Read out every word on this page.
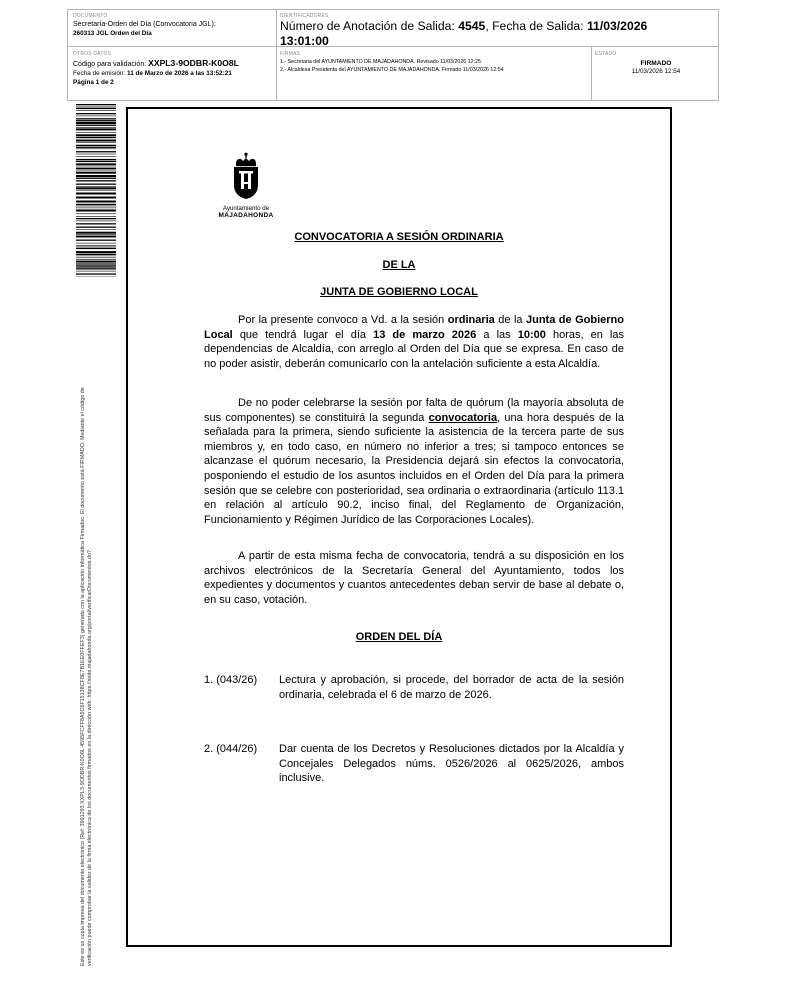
DOCUMENTO
Secretaría-Orden del Día (Convocatoria JGL):
260313 JGL Orden del Día
IDENTIFICADORES
Número de Anotación de Salida: 4545, Fecha de Salida: 11/03/2026
13:01:00
OTROS DATOS
Código para validación: XXPL3-9ODBR-K0O8L
Fecha de emisión: 11 de Marzo de 2026 a las 13:52:21
Página 1 de 2
FIRMAS
1.- Secretaria del AYUNTAMIENTO DE MAJADAHONDA. Revisado 11/03/2026 12:25
2.- Alcaldesa Presidenta del AYUNTAMIENTO DE MAJADAHONDA. Firmado 11/03/2026 12:54
ESTADO
FIRMADO
11/03/2026 12:54
Este es un copia impresa del documento electrónico (Ref: 3991293 XXPL3-9ODBR-K0O8L 4595FCFF8A5C6F15138CF8E7B1EE0FFEF3) generado con la aplicación informática Firmadoc. El documento está FIRMADO. Mediante el código de verificación puede comprobar la validez de la firma electrónica de los documentos firmados en la dirección web: https://sede.majadahonda.org/portal/verificarDocumentos.do?
Ayuntamiento de
MAJADAHONDA
CONVOCATORIA A SESIÓN ORDINARIA
DE LA
JUNTA DE GOBIERNO LOCAL
Por la presente convoco a Vd. a la sesión ordinaria de la Junta de Gobierno Local que tendrá lugar el día 13 de marzo 2026 a las 10:00 horas, en las dependencias de Alcaldía, con arreglo al Orden del Día que se expresa. En caso de no poder asistir, deberán comunicarlo con la antelación suficiente a esta Alcaldía.
De no poder celebrarse la sesión por falta de quórum (la mayoría absoluta de sus componentes) se constituirá la segunda convocatoria, una hora después de la señalada para la primera, siendo suficiente la asistencia de la tercera parte de sus miembros y, en todo caso, en número no inferior a tres; si tampoco entonces se alcanzase el quórum necesario, la Presidencia dejará sin efectos la convocatoria, posponiendo el estudio de los asuntos incluidos en el Orden del Día para la primera sesión que se celebre con posterioridad, sea ordinaria o extraordinaria (artículo 113.1 en relación al artículo 90.2, inciso final, del Reglamento de Organización, Funcionamiento y Régimen Jurídico de las Corporaciones Locales).
A partir de esta misma fecha de convocatoria, tendrá a su disposición en los archivos electrónicos de la Secretaría General del Ayuntamiento, todos los expedientes y documentos y cuantos antecedentes deban servir de base al debate o, en su caso, votación.
ORDEN DEL DÍA
1. (043/26) Lectura y aprobación, si procede, del borrador de acta de la sesión ordinaria, celebrada el 6 de marzo de 2026.
2. (044/26) Dar cuenta de los Decretos y Resoluciones dictados por la Alcaldía y Concejales Delegados núms. 0526/2026 al 0625/2026, ambos inclusive.
